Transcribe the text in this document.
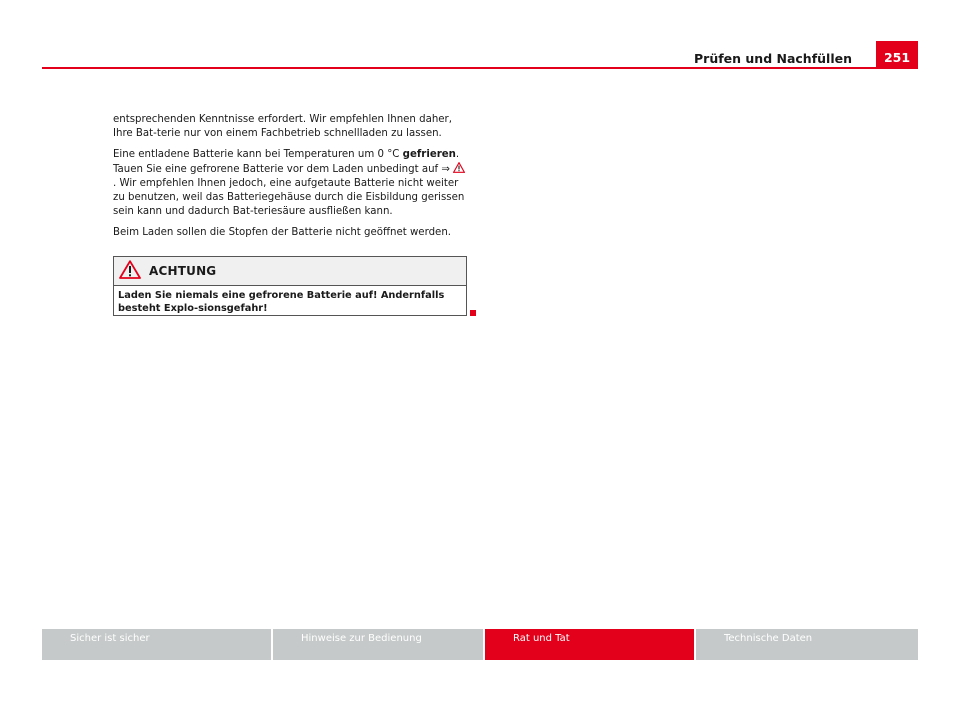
Prüfen und Nachfüllen	251

entsprechenden Kenntnisse erfordert. Wir empfehlen Ihnen daher, Ihre Bat-terie nur von einem Fachbetrieb schnellladen zu lassen.

Eine entladene Batterie kann bei Temperaturen um 0 °C gefrieren. Tauen Sie eine gefrorene Batterie vor dem Laden unbedingt auf ⇒ . Wir empfehlen Ihnen jedoch, eine aufgetaute Batterie nicht weiter zu benutzen, weil das Batteriegehäuse durch die Eisbildung gerissen sein kann und dadurch Bat-teriesäure ausfließen kann.

Beim Laden sollen die Stopfen der Batterie nicht geöffnet werden.

ACHTUNG
Laden Sie niemals eine gefrorene Batterie auf! Andernfalls besteht Explo-sionsgefahr!
Sicher ist sicher	Hinweise zur Bedienung	Rat und Tat	Technische Daten
